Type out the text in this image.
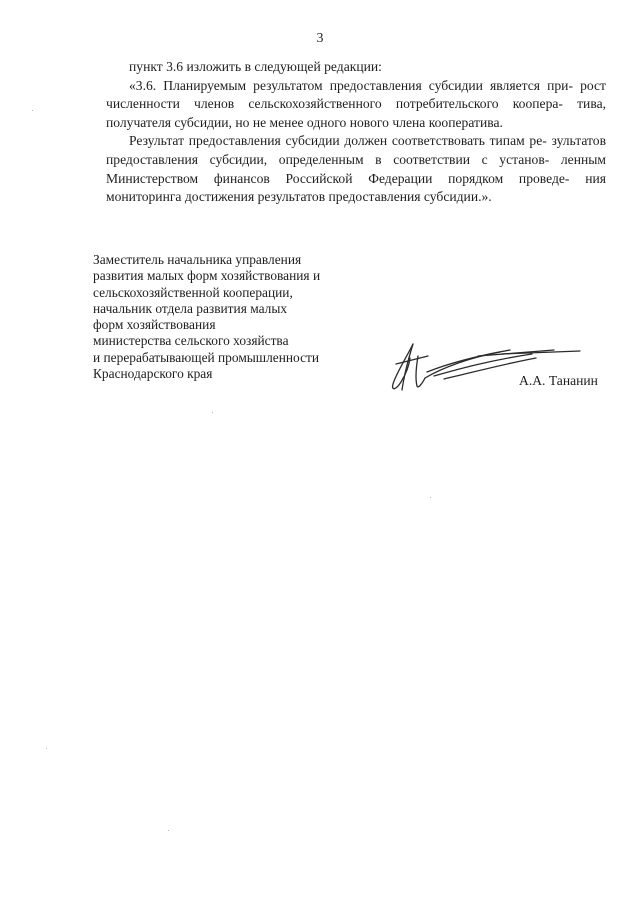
3

пункт 3.6 изложить в следующей редакции:

«3.6. Планируемым результатом предоставления субсидии является при- рост численности членов сельскохозяйственного потребительского коопера- тива, получателя субсидии, но не менее одного нового члена кооператива.

Результат предоставления субсидии должен соответствовать типам ре- зультатов предоставления субсидии, определенным в соответствии с установ- ленным Министерством финансов Российской Федерации порядком проведе- ния мониторинга достижения результатов предоставления субсидии.».

Заместитель начальника управления
развития малых форм хозяйствования и
сельскохозяйственной кооперации,
начальник отдела развития малых
форм хозяйствования
министерства сельского хозяйства
и перерабатывающей промышленности
Краснодарского края	А.А. Тананин
